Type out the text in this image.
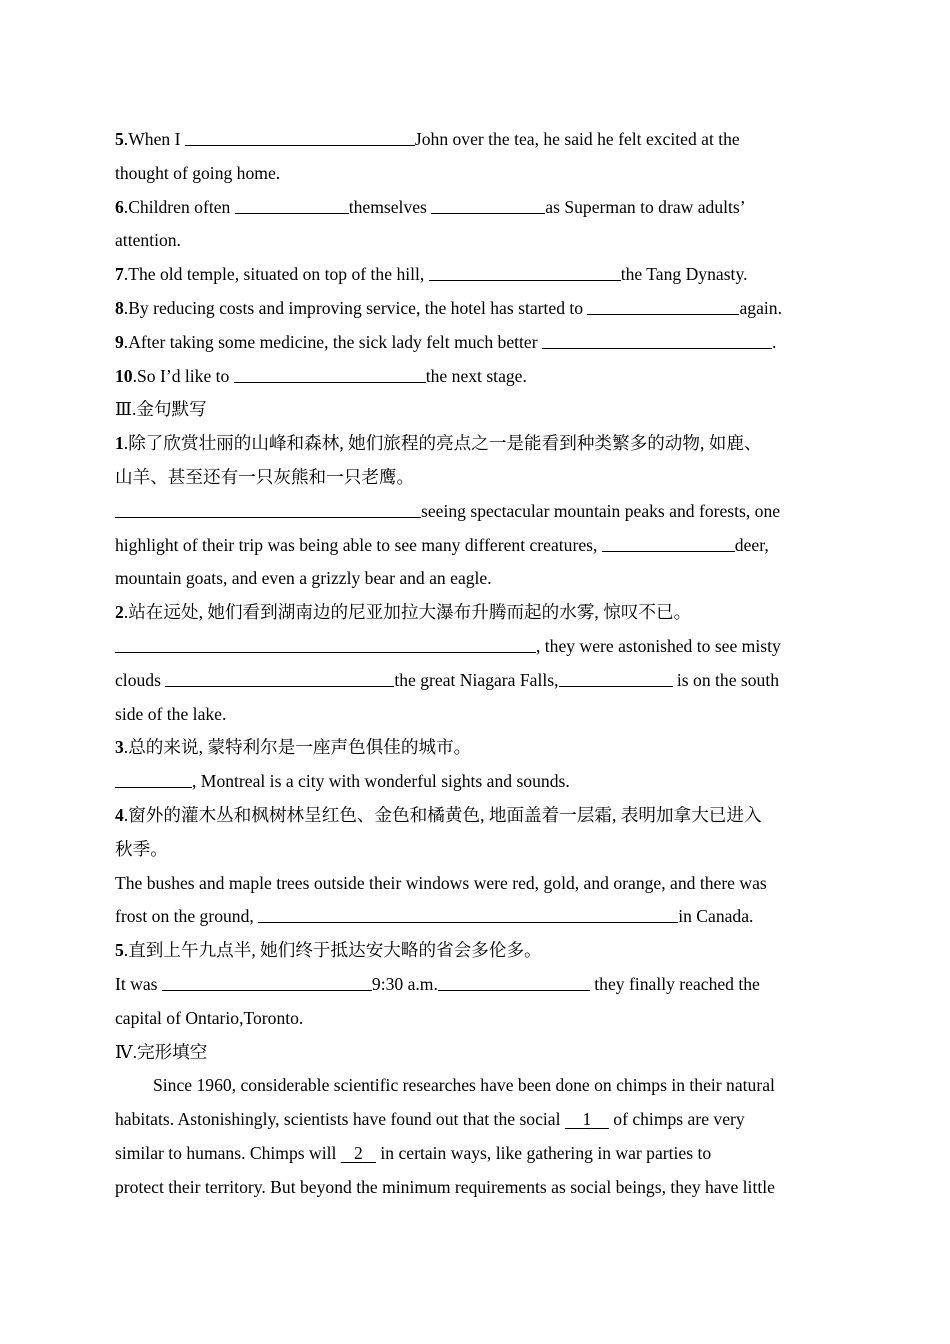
5.When I	John over the tea, he said he felt excited at the
thought of going home.
6.Children often	themselves	as Superman to draw adults’
attention.
7.The old temple, situated on top of the hill,	the Tang Dynasty.
8.By reducing costs and improving service, the hotel has started to	again.
9.After taking some medicine, the sick lady felt much better	.
10.So I’d like to	the next stage.
Ⅲ.金句默写
1.除了欣赏壮丽的山峰和森林, 她们旅程的亮点之一是能看到种类繁多的动物, 如鹿、
山羊、甚至还有一只灰熊和一只老鹰。
seeing spectacular mountain peaks and forests, one
highlight of their trip was being able to see many different creatures,	deer,
mountain goats, and even a grizzly bear and an eagle.
2.站在远处, 她们看到湖南边的尼亚加拉大瀑布升腾而起的水雾, 惊叹不已。
, they were astonished to see misty
clouds	the great Niagara Falls,	is on the south
side of the lake.
3.总的来说, 蒙特利尔是一座声色俱佳的城市。
, Montreal is a city with wonderful sights and sounds.
4.窗外的灌木丛和枫树林呈红色、金色和橘黄色, 地面盖着一层霜, 表明加拿大已进入
秋季。
The bushes and maple trees outside their windows were red, gold, and orange, and there was
frost on the ground,	in Canada.
5.直到上午九点半, 她们终于抵达安大略的省会多伦多。
It was	9:30 a.m.	they finally reached the
capital of Ontario,Toronto.
Ⅳ.完形填空
Since 1960, considerable scientific researches have been done on chimps in their natural
habitats. Astonishingly, scientists have found out that the social     1     of chimps are very
similar to humans. Chimps will    2    in certain ways, like gathering in war parties to
protect their territory. But beyond the minimum requirements as social beings, they have little
